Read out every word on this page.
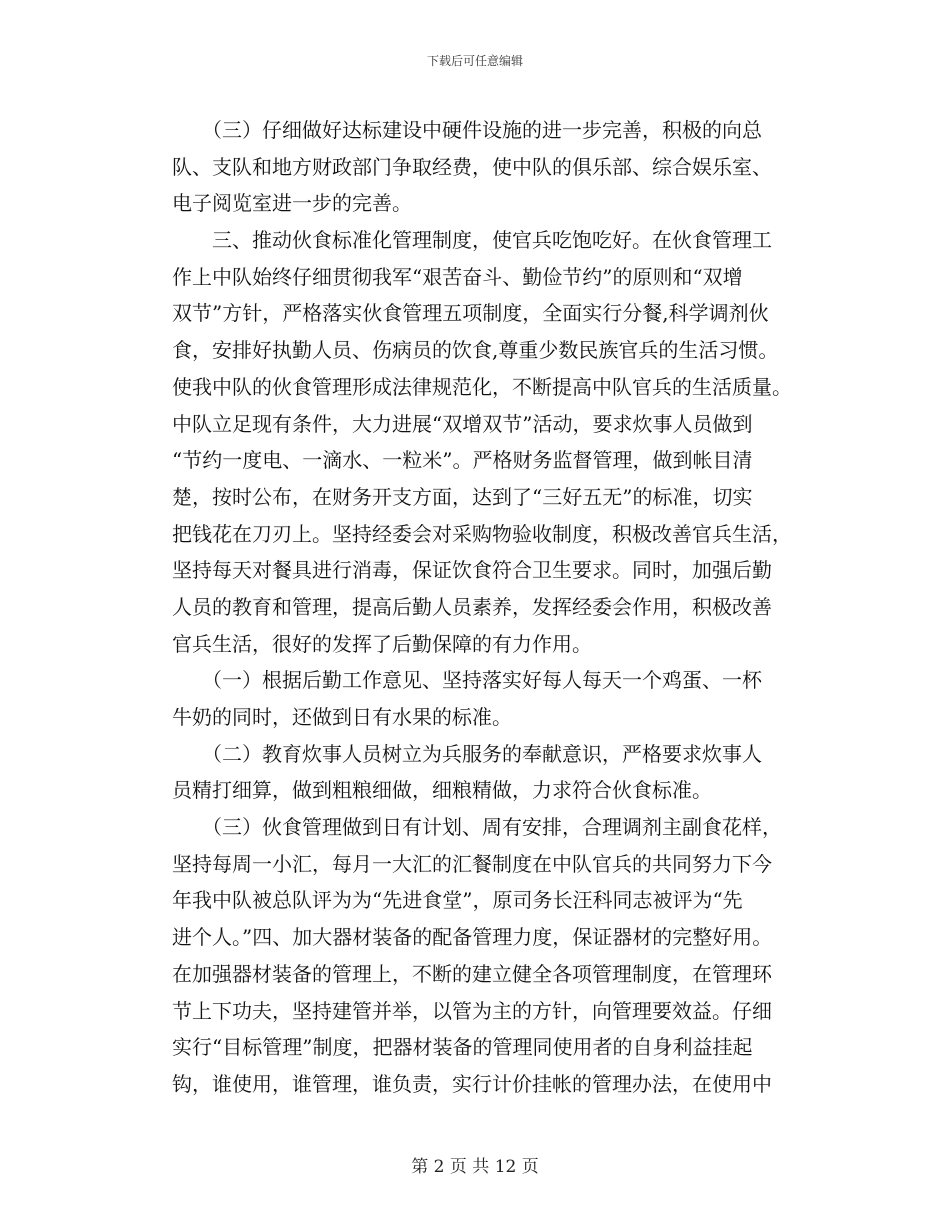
下载后可任意编辑
　　（三）仔细做好达标建设中硬件设施的进一步完善，积极的向总
队、支队和地方财政部门争取经费，使中队的俱乐部、综合娱乐室、
电子阅览室进一步的完善。
　　三、推动伙食标准化管理制度，使官兵吃饱吃好。在伙食管理工
作上中队始终仔细贯彻我军“艰苦奋斗、勤俭节约”的原则和“双增
双节”方针，严格落实伙食管理五项制度，全面实行分餐,科学调剂伙
食，安排好执勤人员、伤病员的饮食,尊重少数民族官兵的生活习惯。
使我中队的伙食管理形成法律规范化，不断提高中队官兵的生活质量。
中队立足现有条件，大力进展“双增双节”活动，要求炊事人员做到
“节约一度电、一滴水、一粒米”。严格财务监督管理，做到帐目清
楚，按时公布，在财务开支方面，达到了“三好五无”的标准，切实
把钱花在刀刃上。坚持经委会对采购物验收制度，积极改善官兵生活，
坚持每天对餐具进行消毒，保证饮食符合卫生要求。同时，加强后勤
人员的教育和管理，提高后勤人员素养，发挥经委会作用，积极改善
官兵生活，很好的发挥了后勤保障的有力作用。
　　（一）根据后勤工作意见、坚持落实好每人每天一个鸡蛋、一杯
牛奶的同时，还做到日有水果的标准。
　　（二）教育炊事人员树立为兵服务的奉献意识，严格要求炊事人
员精打细算，做到粗粮细做，细粮精做，力求符合伙食标准。
　　（三）伙食管理做到日有计划、周有安排，合理调剂主副食花样，
坚持每周一小汇，每月一大汇的汇餐制度在中队官兵的共同努力下今
年我中队被总队评为为“先进食堂”，原司务长汪科同志被评为“先
进个人。”四、加大器材装备的配备管理力度，保证器材的完整好用。
在加强器材装备的管理上，不断的建立健全各项管理制度，在管理环
节上下功夫，坚持建管并举，以管为主的方针，向管理要效益。仔细
实行“目标管理”制度，把器材装备的管理同使用者的自身利益挂起
钩，谁使用，谁管理，谁负责，实行计价挂帐的管理办法，在使用中
第 2 页 共 12 页
